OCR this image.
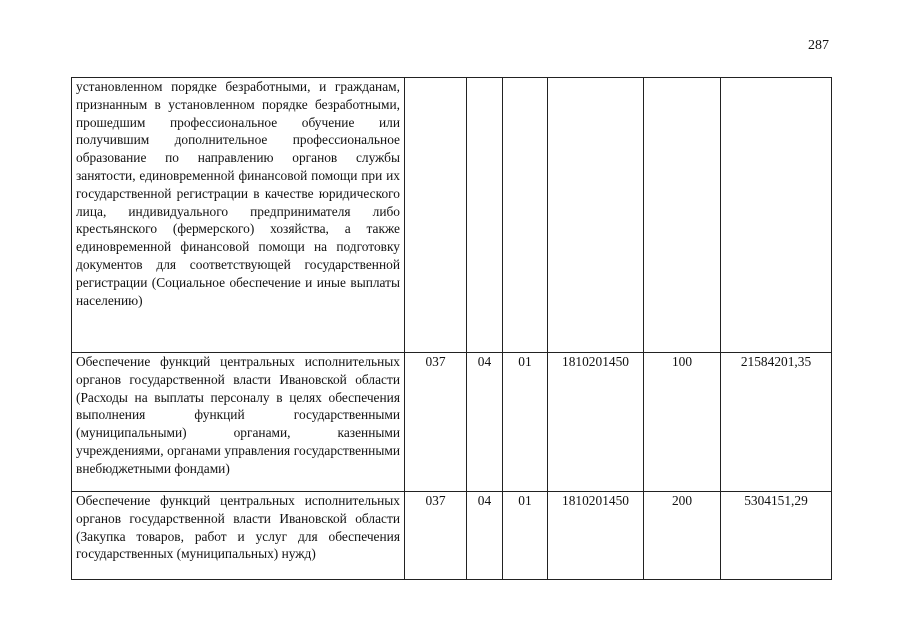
287
установленном порядке безработными, и гражданам, признанным в установленном порядке безработными, прошедшим профессиональное обучение или получившим дополнительное профессиональное образование по направлению органов службы занятости, единовременной финансовой помощи при их государственной регистрации в качестве юридического лица, индивидуального предпринимателя либо крестьянского (фермерского) хозяйства, а также единовременной финансовой помощи на подготовку документов для соответствующей государственной регистрации (Социальное обеспечение и иные выплаты населению)						
Обеспечение функций центральных исполнительных органов государственной власти Ивановской области (Расходы на выплаты персоналу в целях обеспечения выполнения функций государственными (муниципальными) органами, казенными учреждениями, органами управления государственными внебюджетными фондами)	037	04	01	1810201450	100	21584201,35
Обеспечение функций центральных исполнительных органов государственной власти Ивановской области (Закупка товаров, работ и услуг для обеспечения государственных (муниципальных) нужд)	037	04	01	1810201450	200	5304151,29
